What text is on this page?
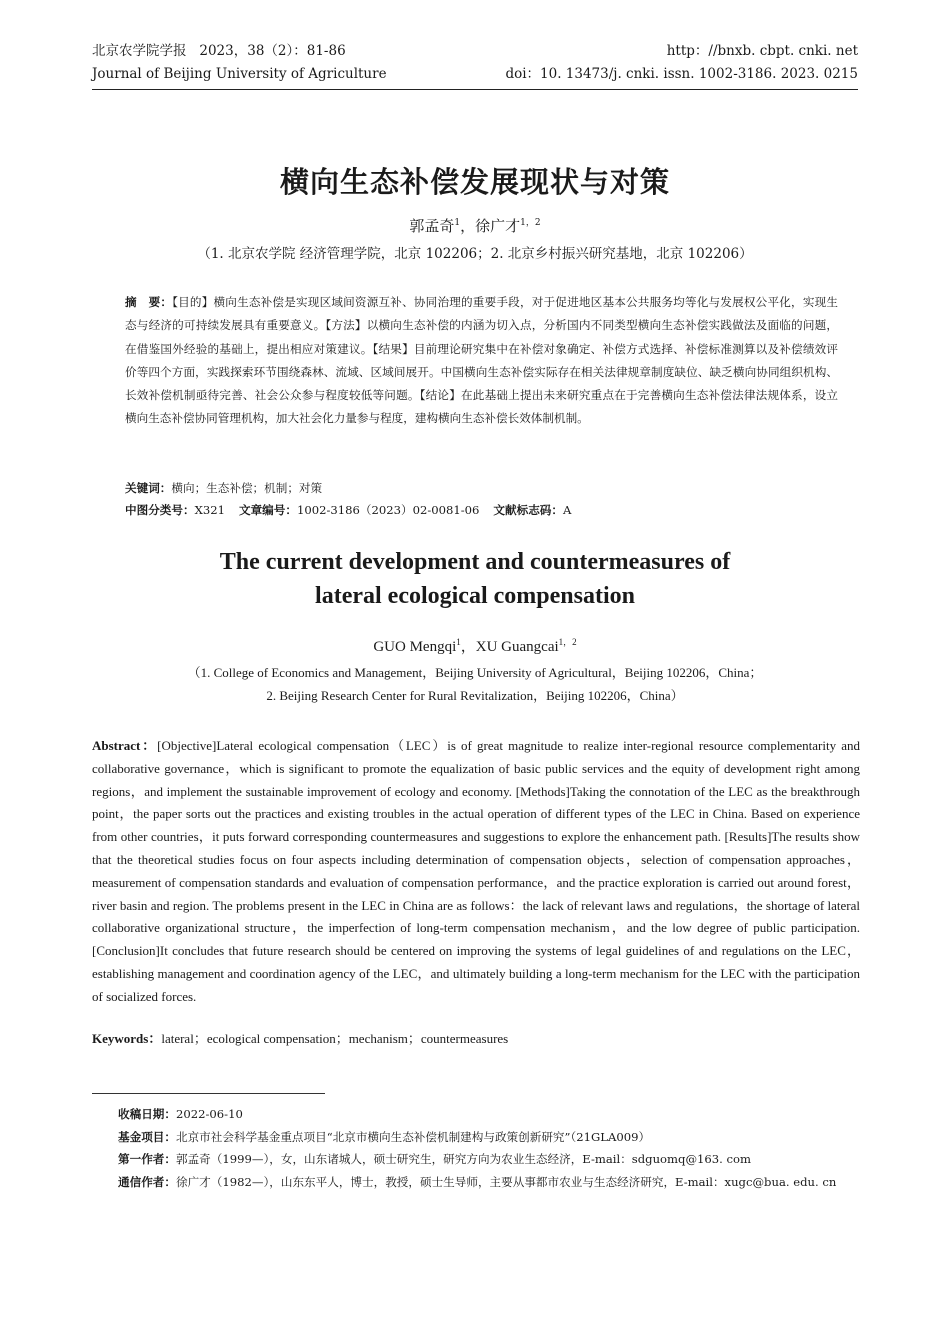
北京农学院学报 2023，38（2）：81-86	http：//bnxb. cbpt. cnki. net
Journal of Beijing University of Agriculture	doi：10. 13473/j. cnki. issn. 1002-3186. 2023. 0215
横向生态补偿发展现状与对策
郭孟奇$^1$，徐广才$^{1,2}$
（1. 北京农学院 经济管理学院，北京 102206；2. 北京乡村振兴研究基地，北京 102206）
摘　要：【目的】横向生态补偿是实现区域间资源互补、协同治理的重要手段，对于促进地区基本公共服务均等化与发展权公平化，实现生态与经济的可持续发展具有重要意义。【方法】以横向生态补偿的内涵为切入点，分析国内不同类型横向生态补偿实践做法及面临的问题，在借鉴国外经验的基础上，提出相应对策建议。【结果】目前理论研究集中在补偿对象确定、补偿方式选择、补偿标准测算以及补偿绩效评价等四个方面，实践探索环节围绕森林、流域、区域间展开。中国横向生态补偿实际存在相关法律规章制度缺位、缺乏横向协同组织机构、长效补偿机制亟待完善、社会公众参与程度较低等问题。【结论】在此基础上提出未来研究重点在于完善横向生态补偿法律法规体系，设立横向生态补偿协同管理机构，加大社会化力量参与程度，建构横向生态补偿长效体制机制。
关键词：横向；生态补偿；机制；对策
中图分类号：X321 文章编号：1002-3186（2023）02-0081-06 文献标志码：A
The current development and countermeasures of
lateral ecological compensation
GUO Mengqi$^1$，XU Guangcai$^{1,2}$
（1. College of Economics and Management，Beijing University of Agricultural，Beijing 102206，China；
2. Beijing Research Center for Rural Revitalization，Beijing 102206，China）
Abstract：[Objective]Lateral ecological compensation（LEC）is of great magnitude to realize inter-regional resource complementarity and collaborative governance，which is significant to promote the equalization of basic public services and the equity of development right among regions，and implement the sustainable improvement of ecology and economy. [Methods]Taking the connotation of the LEC as the breakthrough point，the paper sorts out the practices and existing troubles in the actual operation of different types of the LEC in China. Based on experience from other countries，it puts forward corresponding countermeasures and suggestions to explore the enhancement path. [Results]The results show that the theoretical studies focus on four aspects including determination of compensation objects，selection of compensation approaches，measurement of compensation standards and evaluation of compensation performance，and the practice exploration is carried out around forest，river basin and region. The problems present in the LEC in China are as follows：the lack of relevant laws and regulations，the shortage of lateral collaborative organizational structure，the imperfection of long-term compensation mechanism，and the low degree of public participation. [Conclusion]It concludes that future research should be centered on improving the systems of legal guidelines of and regulations on the LEC，establishing management and coordination agency of the LEC，and ultimately building a long-term mechanism for the LEC with the participation of socialized forces.
Keywords：lateral；ecological compensation；mechanism；countermeasures
收稿日期： 2022-06-10
基金项目： 北京市社会科学基金重点项目“北京市横向生态补偿机制建构与政策创新研究”（21GLA009）
第一作者： 郭孟奇（1999—），女，山东诸城人，硕士研究生，研究方向为农业生态经济，E-mail：sdguomq@163. com
通信作者： 徐广才（1982—），山东东平人，博士，教授，硕士生导师，主要从事都市农业与生态经济研究，E-mail：xugc@bua. edu. cn
